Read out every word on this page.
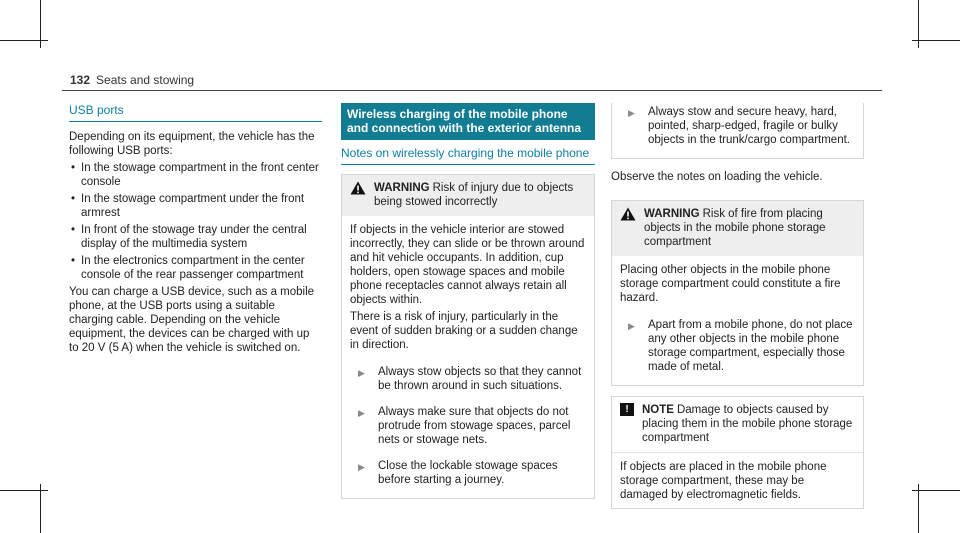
132 Seats and stowing
USB ports

Depending on its equipment, the vehicle has the following USB ports:

• In the stowage compartment in the front center console
• In the stowage compartment under the front armrest
• In front of the stowage tray under the central display of the multimedia system
• In the electronics compartment in the center console of the rear passenger compartment

You can charge a USB device, such as a mobile phone, at the USB ports using a suitable charging cable. Depending on the vehicle equipment, the devices can be charged with up to 20 V (5 A) when the vehicle is switched on.

Wireless charging of the mobile phone and connection with the exterior antenna
Notes on wirelessly charging the mobile phone
WARNING Risk of injury due to objects being stowed incorrectly

If objects in the vehicle interior are stowed incorrectly, they can slide or be thrown around and hit vehicle occupants. In addition, cup holders, open stowage spaces and mobile phone receptacles cannot always retain all objects within.

There is a risk of injury, particularly in the event of sudden braking or a sudden change in direction.

▶	Always stow objects so that they cannot be thrown around in such situations.
▶	Always make sure that objects do not protrude from stowage spaces, parcel nets or stowage nets.
▶	Close the lockable stowage spaces before starting a journey.
▶	Always stow and secure heavy, hard, pointed, sharp-edged, fragile or bulky objects in the trunk/cargo compartment.

Observe the notes on loading the vehicle.

WARNING Risk of fire from placing objects in the mobile phone storage compartment

Placing other objects in the mobile phone storage compartment could constitute a fire hazard.

▶	Apart from a mobile phone, do not place any other objects in the mobile phone storage compartment, especially those made of metal.
!	NOTE Damage to objects caused by placing them in the mobile phone storage compartment

If objects are placed in the mobile phone storage compartment, these may be damaged by electromagnetic fields.
